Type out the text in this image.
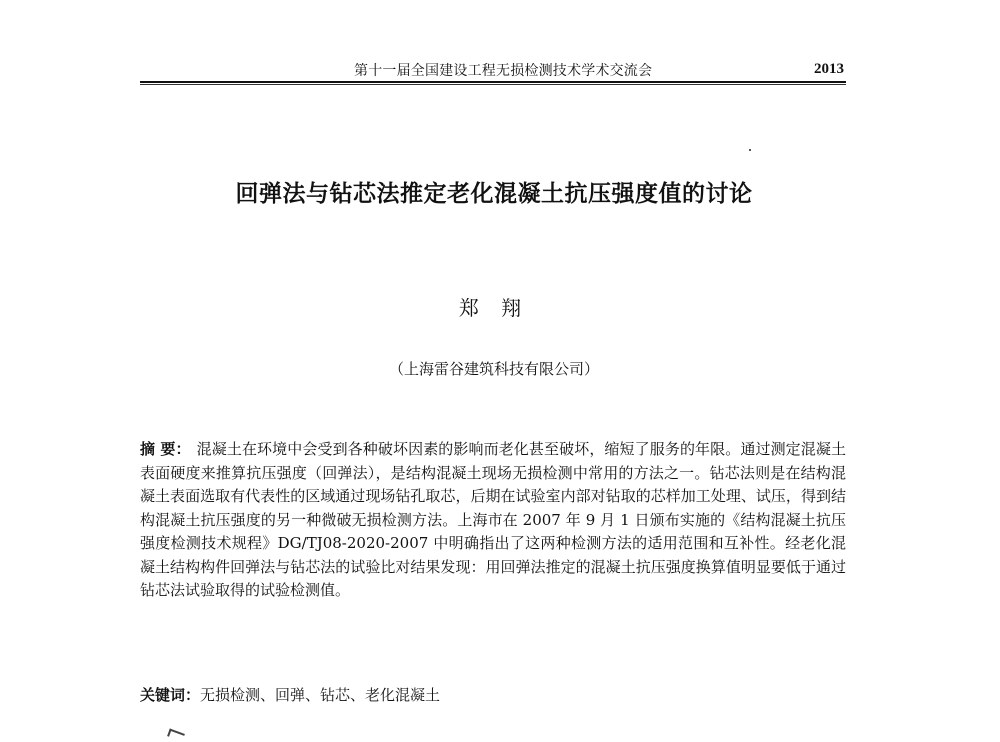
第十一届全国建设工程无损检测技术学术交流会	2013
回弹法与钻芯法推定老化混凝土抗压强度值的讨论
郑 翔
（上海雷谷建筑科技有限公司）
摘 要： 混凝土在环境中会受到各种破坏因素的影响而老化甚至破坏，缩短了服务的年限。通过测定混凝土表面硬度来推算抗压强度（回弹法），是结构混凝土现场无损检测中常用的方法之一。钻芯法则是在结构混凝土表面选取有代表性的区域通过现场钻孔取芯，后期在试验室内部对钻取的芯样加工处理、试压，得到结构混凝土抗压强度的另一种微破无损检测方法。上海市在 2007 年 9 月 1 日颁布实施的《结构混凝土抗压强度检测技术规程》DG/TJ08-2020-2007 中明确指出了这两种检测方法的适用范围和互补性。经老化混凝土结构构件回弹法与钻芯法的试验比对结果发现：用回弹法推定的混凝土抗压强度换算值明显要低于通过钻芯法试验取得的试验检测值。
关键词：无损检测、回弹、钻芯、老化混凝土
